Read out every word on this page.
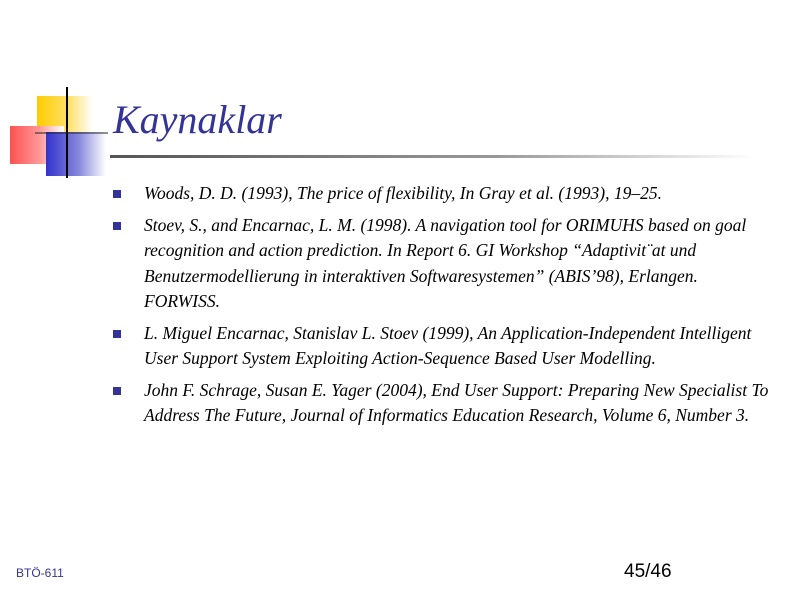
Kaynaklar
Woods, D. D. (1993), The price of flexibility, In Gray et al. (1993), 19–25.
Stoev, S., and Encarnac, L. M. (1998). A navigation tool for ORIMUHS based on goal recognition and action prediction. In Report 6. GI Workshop “Adaptivit¨at und Benutzermodellierung in interaktiven Softwaresystemen” (ABIS’98), Erlangen. FORWISS.
L. Miguel Encarnac, Stanislav L. Stoev (1999), An Application-Independent Intelligent User Support System Exploiting Action-Sequence Based User Modelling.
John F. Schrage, Susan E. Yager (2004), End User Support: Preparing New Specialist To Address The Future, Journal of Informatics Education Research, Volume 6, Number 3.
BTÖ-611	45/46
